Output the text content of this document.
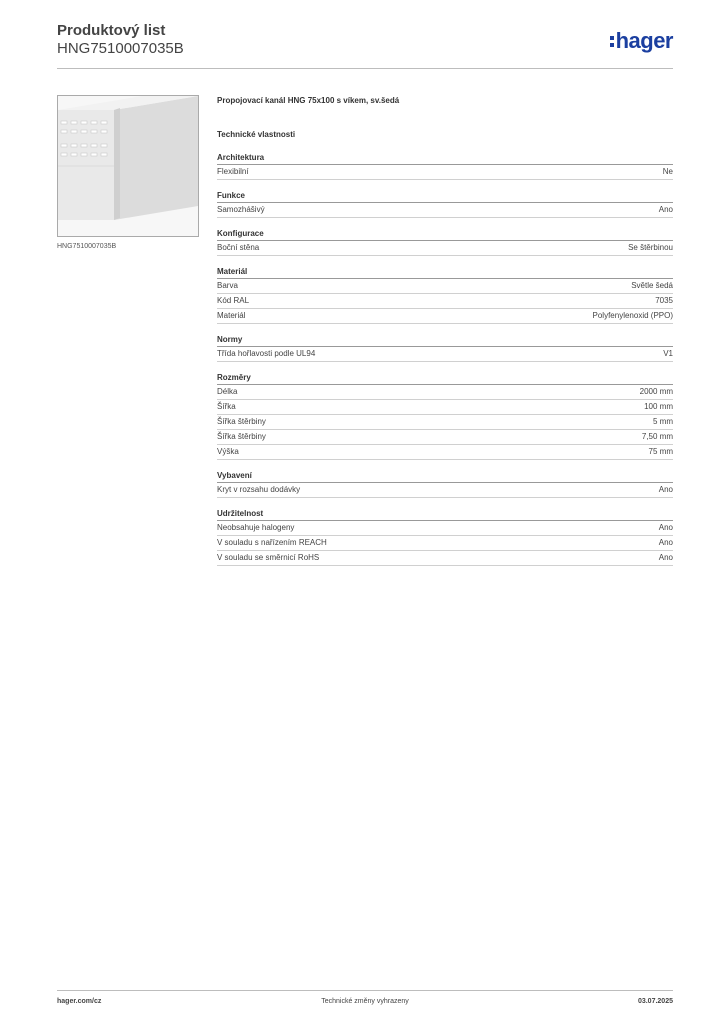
Produktový list
HNG7510007035B	hager
HNG7510007035B
Propojovací kanál HNG 75x100 s víkem, sv.šedá
Technické vlastnosti
Architektura
Flexibilní	Ne
Funkce
Samozhášivý	Ano
Konfigurace
Boční stěna	Se štěrbinou
Materiál
Barva	Světle šedá
Kód RAL	7035
Materiál	Polyfenylenoxid (PPO)
Normy
Třída hořlavosti podle UL94	V1
Rozměry
Délka	2000 mm
Šířka	100 mm
Šířka štěrbiny	5 mm
Šířka štěrbiny	7,50 mm
Výška	75 mm
Vybavení
Kryt v rozsahu dodávky	Ano
Udržitelnost
Neobsahuje halogeny	Ano
V souladu s nařízením REACH	Ano
V souladu se směrnicí RoHS	Ano
hager.com/cz	Technické změny vyhrazeny	03.07.2025
